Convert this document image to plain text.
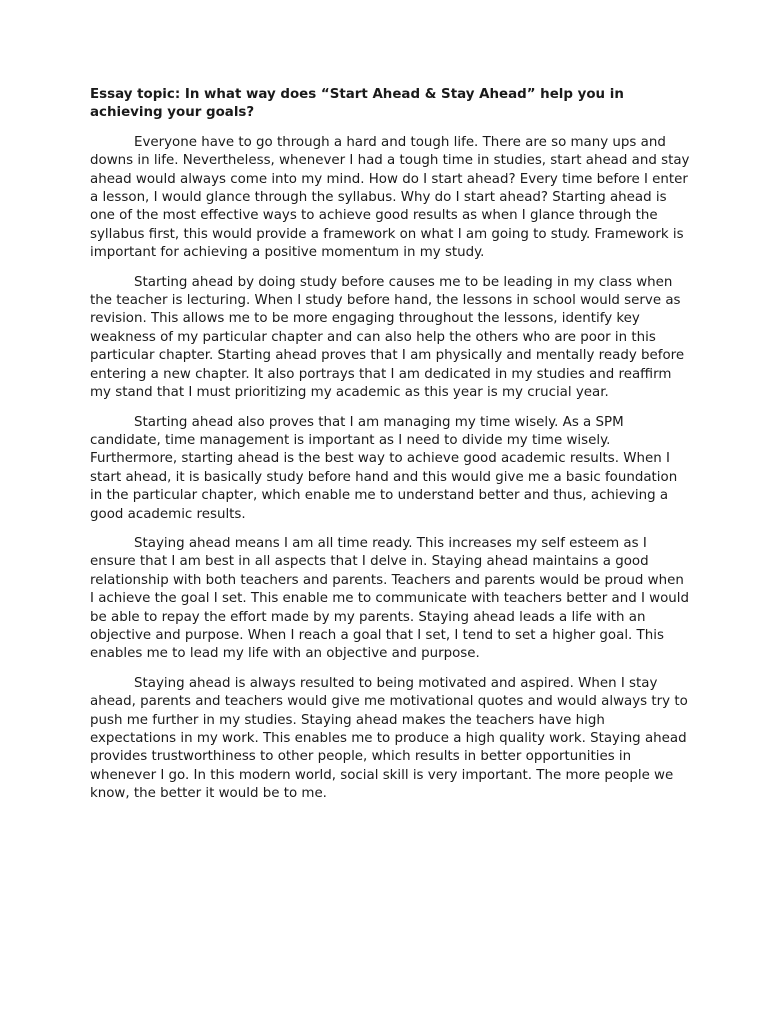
Essay topic: In what way does “Start Ahead & Stay Ahead” help you in achieving your goals?

Everyone have to go through a hard and tough life. There are so many ups and downs in life. Nevertheless, whenever I had a tough time in studies, start ahead and stay ahead would always come into my mind. How do I start ahead? Every time before I enter a lesson, I would glance through the syllabus. Why do I start ahead? Starting ahead is one of the most effective ways to achieve good results as when I glance through the syllabus first, this would provide a framework on what I am going to study. Framework is important for achieving a positive momentum in my study.

Starting ahead by doing study before causes me to be leading in my class when the teacher is lecturing. When I study before hand, the lessons in school would serve as revision. This allows me to be more engaging throughout the lessons, identify key weakness of my particular chapter and can also help the others who are poor in this particular chapter. Starting ahead proves that I am physically and mentally ready before entering a new chapter. It also portrays that I am dedicated in my studies and reaffirm my stand that I must prioritizing my academic as this year is my crucial year.

Starting ahead also proves that I am managing my time wisely. As a SPM candidate, time management is important as I need to divide my time wisely. Furthermore, starting ahead is the best way to achieve good academic results. When I start ahead, it is basically study before hand and this would give me a basic foundation in the particular chapter, which enable me to understand better and thus, achieving a good academic results.

Staying ahead means I am all time ready. This increases my self esteem as I ensure that I am best in all aspects that I delve in. Staying ahead maintains a good relationship with both teachers and parents. Teachers and parents would be proud when I achieve the goal I set. This enable me to communicate with teachers better and I would be able to repay the effort made by my parents. Staying ahead leads a life with an objective and purpose. When I reach a goal that I set, I tend to set a higher goal. This enables me to lead my life with an objective and purpose.

Staying ahead is always resulted to being motivated and aspired. When I stay ahead, parents and teachers would give me motivational quotes and would always try to push me further in my studies. Staying ahead makes the teachers have high expectations in my work. This enables me to produce a high quality work. Staying ahead provides trustworthiness to other people, which results in better opportunities in whenever I go. In this modern world, social skill is very important. The more people we know, the better it would be to me.
